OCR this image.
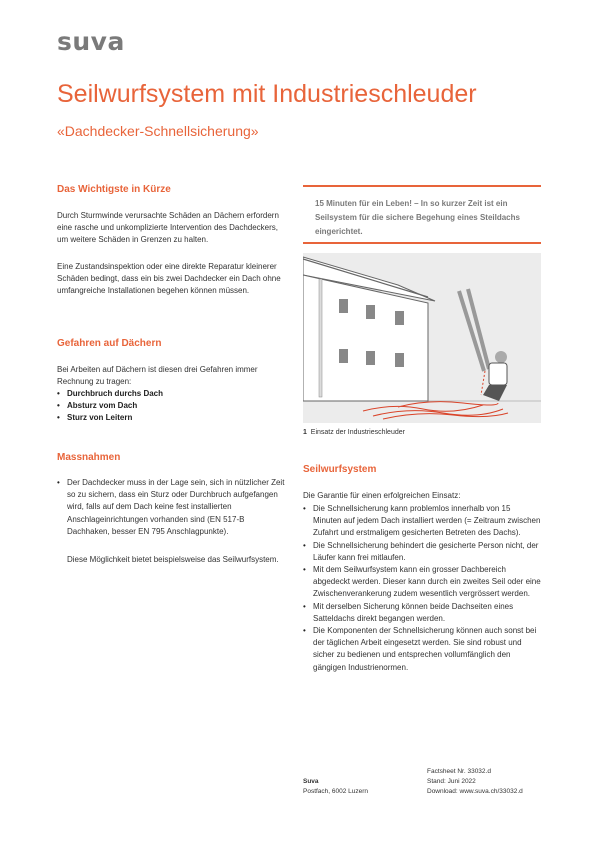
suva
Seilwurfsystem mit Industrieschleuder
«Dachdecker-Schnellsicherung»
Das Wichtigste in Kürze
Durch Sturmwinde verursachte Schäden an Dächern erfordern eine rasche und unkomplizierte Intervention des Dachdeckers, um weitere Schäden in Grenzen zu halten.
Eine Zustandsinspektion oder eine direkte Reparatur kleinerer Schäden bedingt, dass ein bis zwei Dachdecker ein Dach ohne umfangreiche Installationen begehen können müssen.
Gefahren auf Dächern
Bei Arbeiten auf Dächern ist diesen drei Gefahren immer Rechnung zu tragen:
• Durchbruch durchs Dach
• Absturz vom Dach
• Sturz von Leitern
Massnahmen
• Der Dachdecker muss in der Lage sein, sich in nützlicher Zeit so zu sichern, dass ein Sturz oder Durchbruch aufgefangen wird, falls auf dem Dach keine fest installierten Anschlageinrichtungen vorhanden sind (EN 517-B Dachhaken, besser EN 795 Anschlagpunkte).
Diese Möglichkeit bietet beispielsweise das Seilwurfsystem.
15 Minuten für ein Leben! – In so kurzer Zeit ist ein Seilsystem für die sichere Begehung eines Steildachs eingerichtet.
1 Einsatz der Industrieschleuder
Seilwurfsystem
Die Garantie für einen erfolgreichen Einsatz:
• Die Schnellsicherung kann problemlos innerhalb von 15 Minuten auf jedem Dach installiert werden (= Zeitraum zwischen Zufahrt und erstmaligem gesicherten Betreten des Dachs).
• Die Schnellsicherung behindert die gesicherte Person nicht, der Läufer kann frei mitlaufen.
• Mit dem Seilwurfsystem kann ein grosser Dachbereich abgedeckt werden. Dieser kann durch ein zweites Seil oder eine Zwischenverankerung zudem wesentlich vergrössert werden.
• Mit derselben Sicherung können beide Dachseiten eines Satteldachs direkt begangen werden.
• Die Komponenten der Schnellsicherung können auch sonst bei der täglichen Arbeit eingesetzt werden. Sie sind robust und sicher zu bedienen und entsprechen vollumfänglich den gängigen Industrienormen.
Suva
Postfach, 6002 Luzern
Factsheet Nr. 33032.d
Stand: Juni 2022
Download: www.suva.ch/33032.d
